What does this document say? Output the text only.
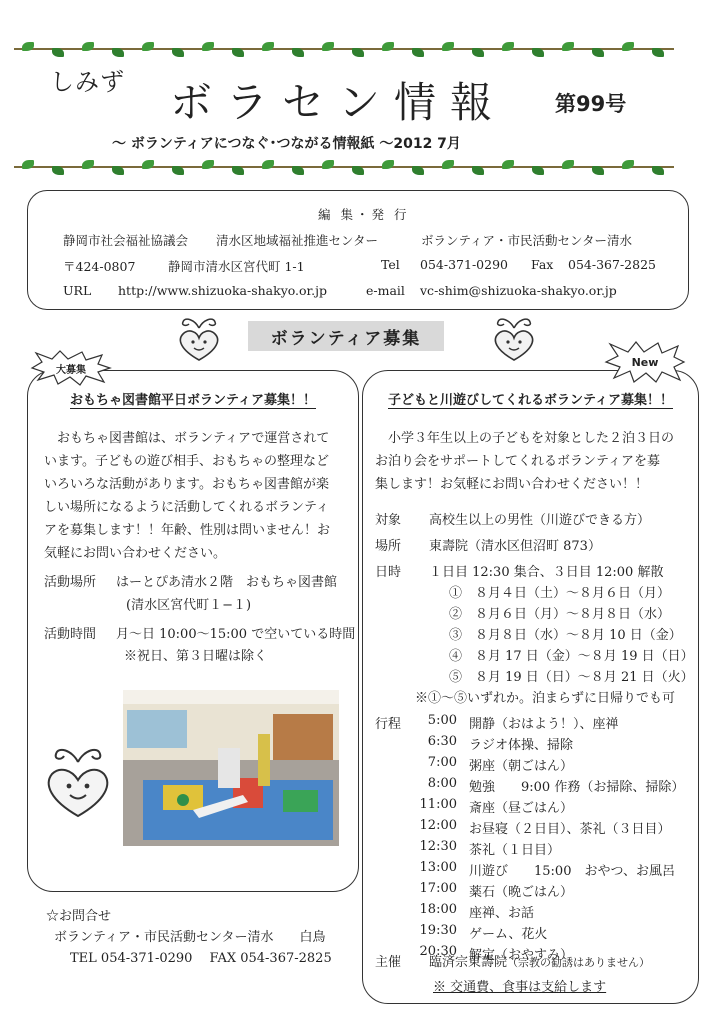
しみず ボラセン情報 第99号
～ ボランティアにつなぐ･つながる情報紙 ～2012 7月
編 集・発 行
静岡市社会福祉協議会 清水区地域福祉推進センター	ボランティア・市民活動センター清水
〒424-0807	静岡市清水区宮代町 1-1	Tel 054-371-0290 Fax 054-367-2825
URL http://www.shizuoka-shakyo.or.jp	e-mail vc-shim@shizuoka-shakyo.or.jp
ボランティア募集
おもちゃ図書館平日ボランティア募集！！
　おもちゃ図書館は、ボランティアで運営されて
います。子どもの遊び相手、おもちゃの整理など
いろいろな活動があります。おもちゃ図書館が楽
しい場所になるように活動してくれるボランティ
アを募集します！！年齢、性別は問いません！お
気軽にお問い合わせください。
活動場所 はーとぴあ清水２階　おもちゃ図書館
(清水区宮代町１−１)
活動時間 月〜日 10:00〜15:00 で空いている時間
※祝日、第３日曜は除く
大募集
☆お問合せ
ボランティア・市民活動センター清水　　白鳥
TEL 054-371-0290　 FAX 054-367-2825
子どもと川遊びしてくれるボランティア募集！！
　小学３年生以上の子どもを対象とした２泊３日の
お泊り会をサポートしてくれるボランティアを募
集します！お気軽にお問い合わせください！！
対象 高校生以上の男性（川遊びできる方）
場所 東壽院（清水区但沼町 873）
日時 １日目 12:30 集合、３日目 12:00 解散
①　８月４日（土）〜８月６日（月）
②　８月６日（月）〜８月８日（水）
③　８月８日（水）〜８月 10 日（金）
④　８月 17 日（金）〜８月 19 日（日）
⑤　８月 19 日（日）〜８月 21 日（火）
※①〜⑤いずれか。泊まらずに日帰りでも可
行程	5:00 開静（おはよう！）、座禅
6:30 ラジオ体操、掃除
7:00 粥座（朝ごはん）
8:00 勉強　　9:00 作務（お掃除、掃除）
11:00 斎座（昼ごはん）
12:00 お昼寝（２日目）、茶礼（３日目）
12:30 茶礼（１日目）
13:00 川遊び　　15:00　おやつ、お風呂
17:00 薬石（晩ごはん）
18:00 座禅、お話
19:30 ゲーム、花火
20:30 解定（おやすみ）
主催 臨済宗東壽院（宗教の勧誘はありません）
※ 交通費、食事は支給します
New
